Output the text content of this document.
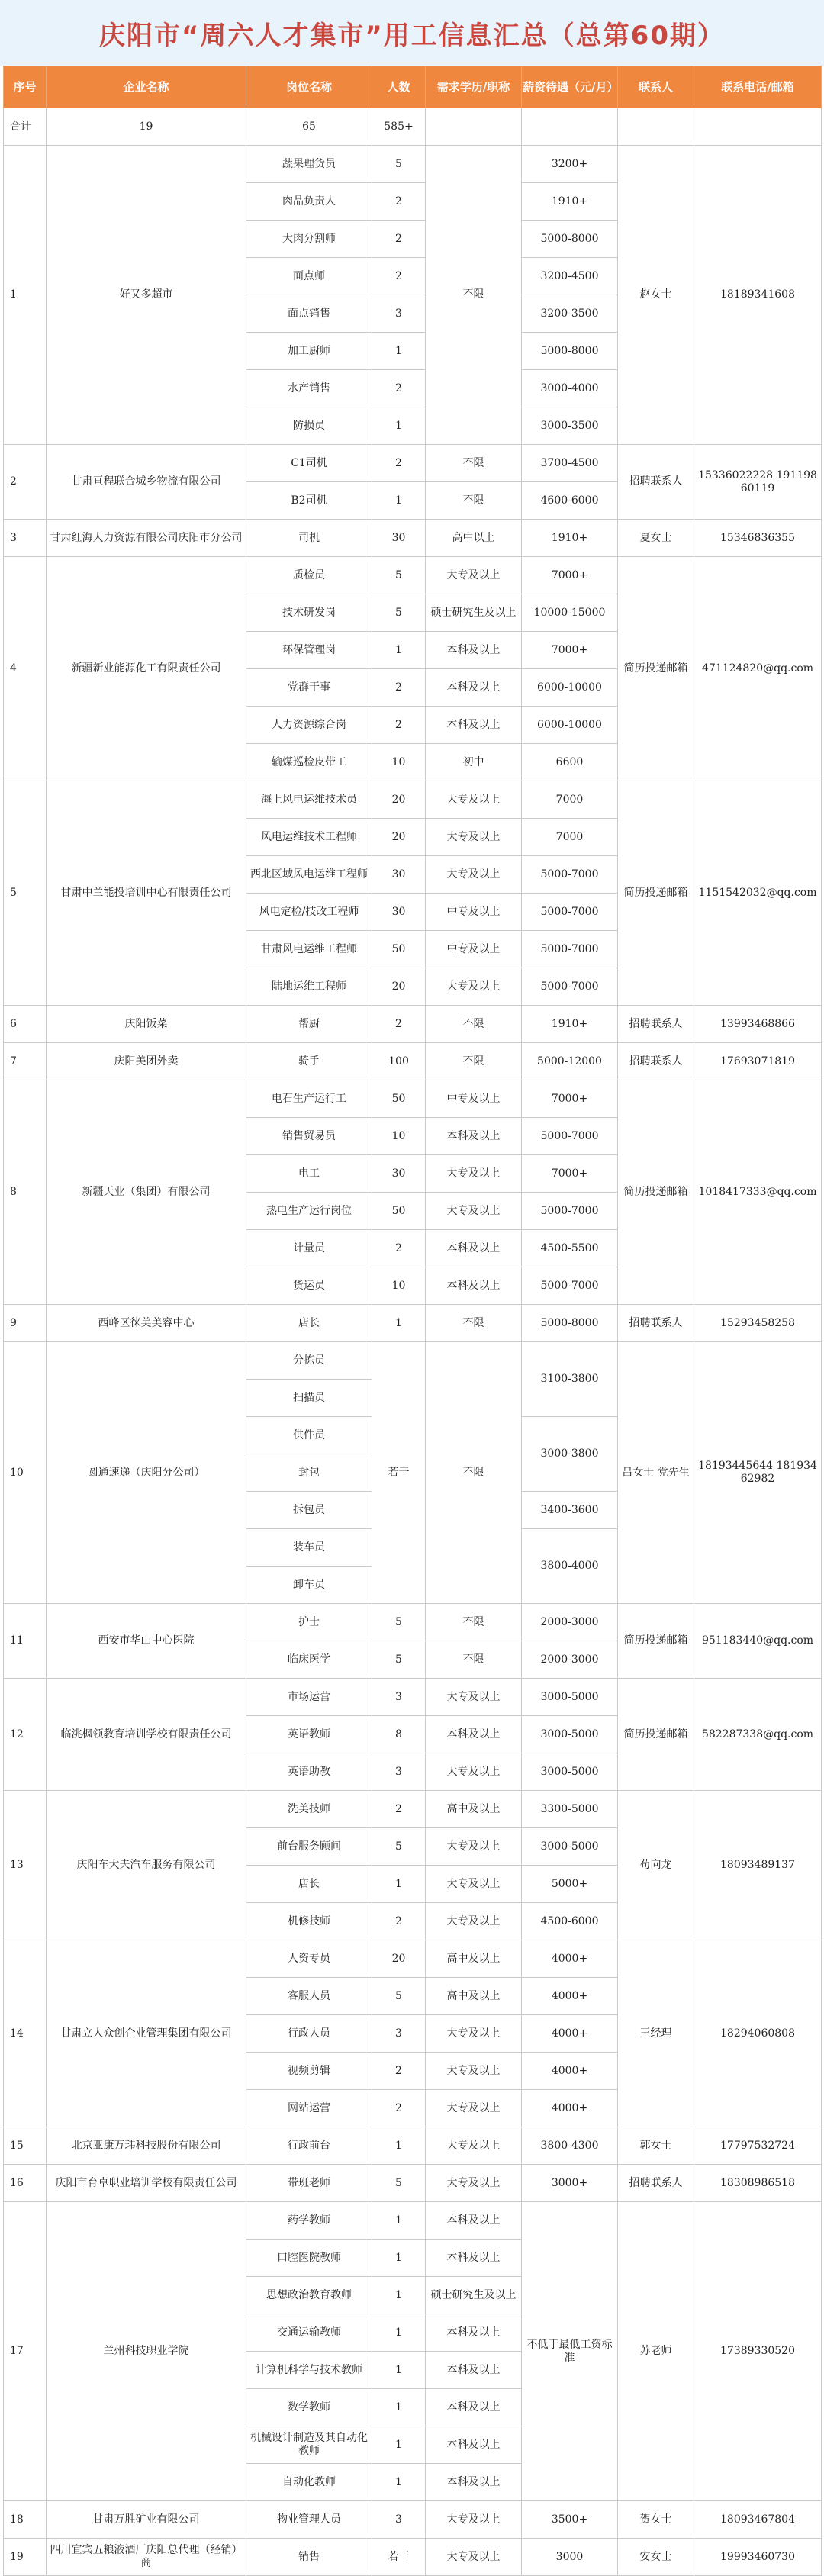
庆阳市“周六人才集市”用工信息汇总（总第60期）
序号	企业名称	岗位名称	人数	需求学历/职称	薪资待遇（元/月）	联系人	联系电话/邮箱
合计	19	65	585+				
1	好又多超市	蔬果理货员	5	不限	3200+	赵女士	18189341608
		肉品负责人	2		1910+		
		大肉分割师	2		5000-8000		
		面点师	2		3200-4500		
		面点销售	3		3200-3500		
		加工厨师	1		5000-8000		
		水产销售	2		3000-4000		
		防损员	1		3000-3500		
2	甘肃亘程联合城乡物流有限公司	C1司机	2	不限	3700-4500	招聘联系人	15336022228 19119860119
		B2司机	1	不限	4600-6000		
3	甘肃红海人力资源有限公司庆阳市分公司	司机	30	高中以上	1910+	夏女士	15346836355
4	新疆新业能源化工有限责任公司	质检员	5	大专及以上	7000+	简历投递邮箱	471124820@qq.com
		技术研发岗	5	硕士研究生及以上	10000-15000		
		环保管理岗	1	本科及以上	7000+		
		党群干事	2	本科及以上	6000-10000		
		人力资源综合岗	2	本科及以上	6000-10000		
		输煤巡检皮带工	10	初中	6600		
5	甘肃中兰能投培训中心有限责任公司	海上风电运维技术员	20	大专及以上	7000	简历投递邮箱	1151542032@qq.com
		风电运维技术工程师	20	大专及以上	7000		
		西北区域风电运维工程师	30	大专及以上	5000-7000		
		风电定检/技改工程师	30	中专及以上	5000-7000		
		甘肃风电运维工程师	50	中专及以上	5000-7000		
		陆地运维工程师	20	大专及以上	5000-7000		
6	庆阳饭菜	帮厨	2	不限	1910+	招聘联系人	13993468866
7	庆阳美团外卖	骑手	100	不限	5000-12000	招聘联系人	17693071819
8	新疆天业（集团）有限公司	电石生产运行工	50	中专及以上	7000+	简历投递邮箱	1018417333@qq.com
		销售贸易员	10	本科及以上	5000-7000		
		电工	30	大专及以上	7000+		
		热电生产运行岗位	50	大专及以上	5000-7000		
		计量员	2	本科及以上	4500-5500		
		货运员	10	本科及以上	5000-7000		
9	西峰区徕美美容中心	店长	1	不限	5000-8000	招聘联系人	15293458258
10	圆通速递（庆阳分公司）	分拣员	若干	不限	3100-3800	吕女士 党先生	18193445644 18193462982
		扫描员					
		供件员			3000-3800		
		封包					
		拆包员			3400-3600		
		装车员			3800-4000		
		卸车员					
11	西安市华山中心医院	护士	5	不限	2000-3000	简历投递邮箱	951183440@qq.com
		临床医学	5	不限	2000-3000		
12	临洮枫领教育培训学校有限责任公司	市场运营	3	大专及以上	3000-5000	简历投递邮箱	582287338@qq.com
		英语教师	8	本科及以上	3000-5000		
		英语助教	3	大专及以上	3000-5000		
13	庆阳车大夫汽车服务有限公司	洗美技师	2	高中及以上	3300-5000	苟向龙	18093489137
		前台服务顾问	5	大专及以上	3000-5000		
		店长	1	大专及以上	5000+		
		机修技师	2	大专及以上	4500-6000		
14	甘肃立人众创企业管理集团有限公司	人资专员	20	高中及以上	4000+	王经理	18294060808
		客服人员	5	高中及以上	4000+		
		行政人员	3	大专及以上	4000+		
		视频剪辑	2	大专及以上	4000+		
		网站运营	2	大专及以上	4000+		
15	北京亚康万玮科技股份有限公司	行政前台	1	大专及以上	3800-4300	郭女士	17797532724
16	庆阳市育卓职业培训学校有限责任公司	带班老师	5	大专及以上	3000+	招聘联系人	18308986518
17	兰州科技职业学院	药学教师	1	本科及以上	不低于最低工资标准	苏老师	17389330520
		口腔医院教师	1	本科及以上			
		思想政治教育教师	1	硕士研究生及以上			
		交通运输教师	1	本科及以上			
		计算机科学与技术教师	1	本科及以上			
		数学教师	1	本科及以上			
		机械设计制造及其自动化教师	1	本科及以上			
		自动化教师	1	本科及以上			
18	甘肃万胜矿业有限公司	物业管理人员	3	大专及以上	3500+	贺女士	18093467804
19	四川宜宾五粮液酒厂庆阳总代理（经销）商	销售	若干	大专及以上	3000	安女士	19993460730
